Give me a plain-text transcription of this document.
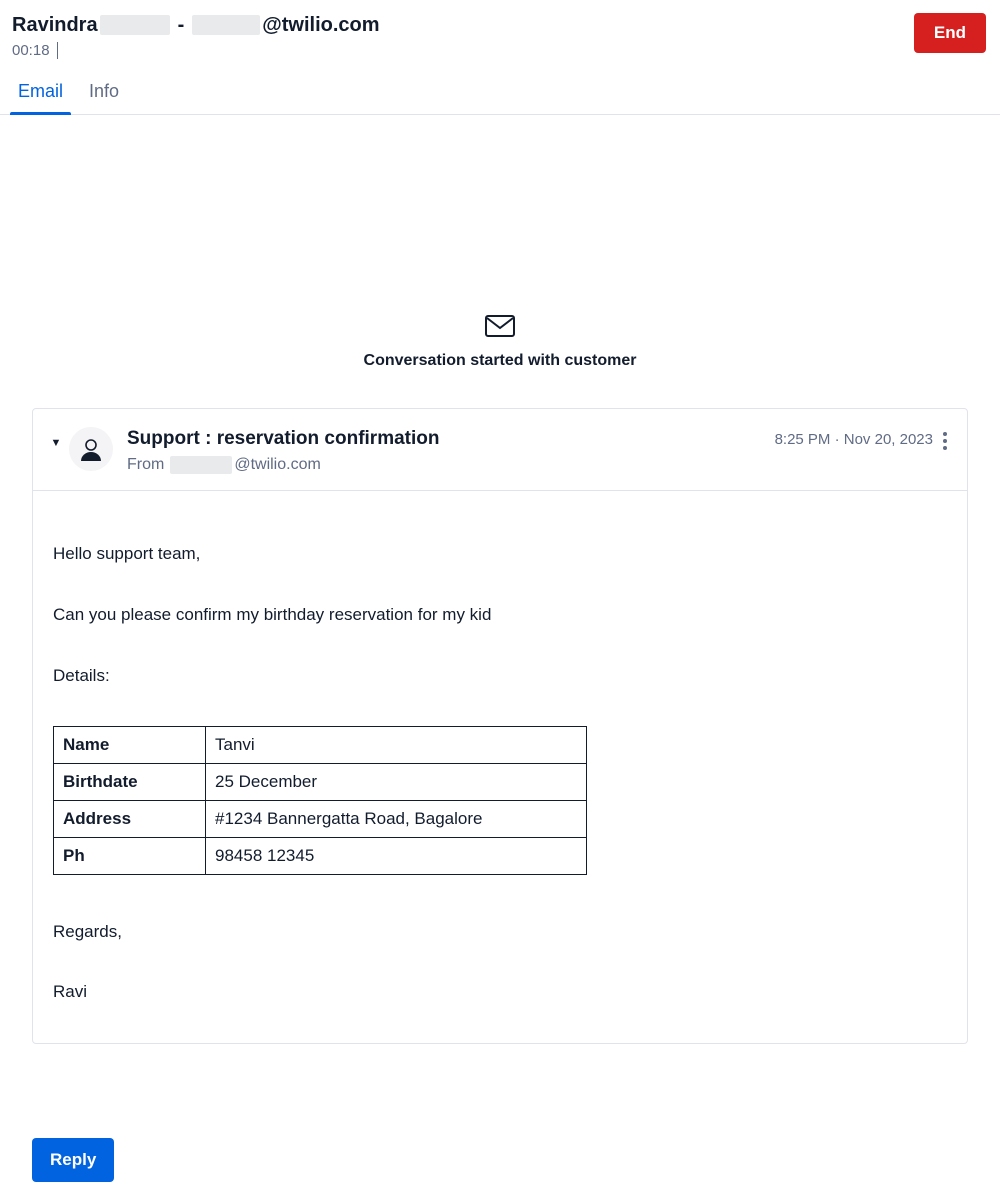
Ravindra	-	@twilio.com
00:18
End
Email	Info
Conversation started with customer
▼	Support : reservation confirmation
From	@twilio.com
8:25 PM · Nov 20, 2023

Hello support team,

Can you please confirm my birthday reservation for my kid

Details:

Name	Tanvi
Birthdate	25 December
Address	#1234 Bannergatta Road, Bagalore
Ph	98458 12345

Regards,

Ravi

Reply
